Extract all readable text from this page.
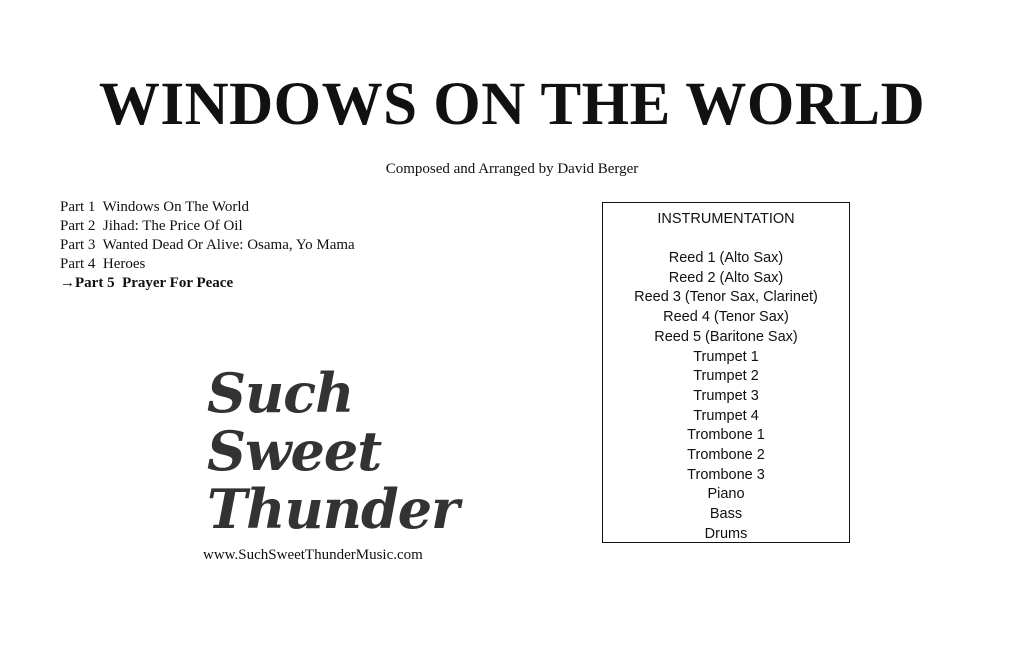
WINDOWS ON THE WORLD
Composed and Arranged by David Berger
Part 1  Windows On The World
Part 2  Jihad: The Price Of Oil
Part 3  Wanted Dead Or Alive: Osama, Yo Mama
Part 4  Heroes
→Part 5  Prayer For Peace
Such
Sweet
Thunder
www.SuchSweetThunderMusic.com
INSTRUMENTATION
Reed 1 (Alto Sax)
Reed 2 (Alto Sax)
Reed 3 (Tenor Sax, Clarinet)
Reed 4 (Tenor Sax)
Reed 5 (Baritone Sax)
Trumpet 1
Trumpet 2
Trumpet 3
Trumpet 4
Trombone 1
Trombone 2
Trombone 3
Piano
Bass
Drums
